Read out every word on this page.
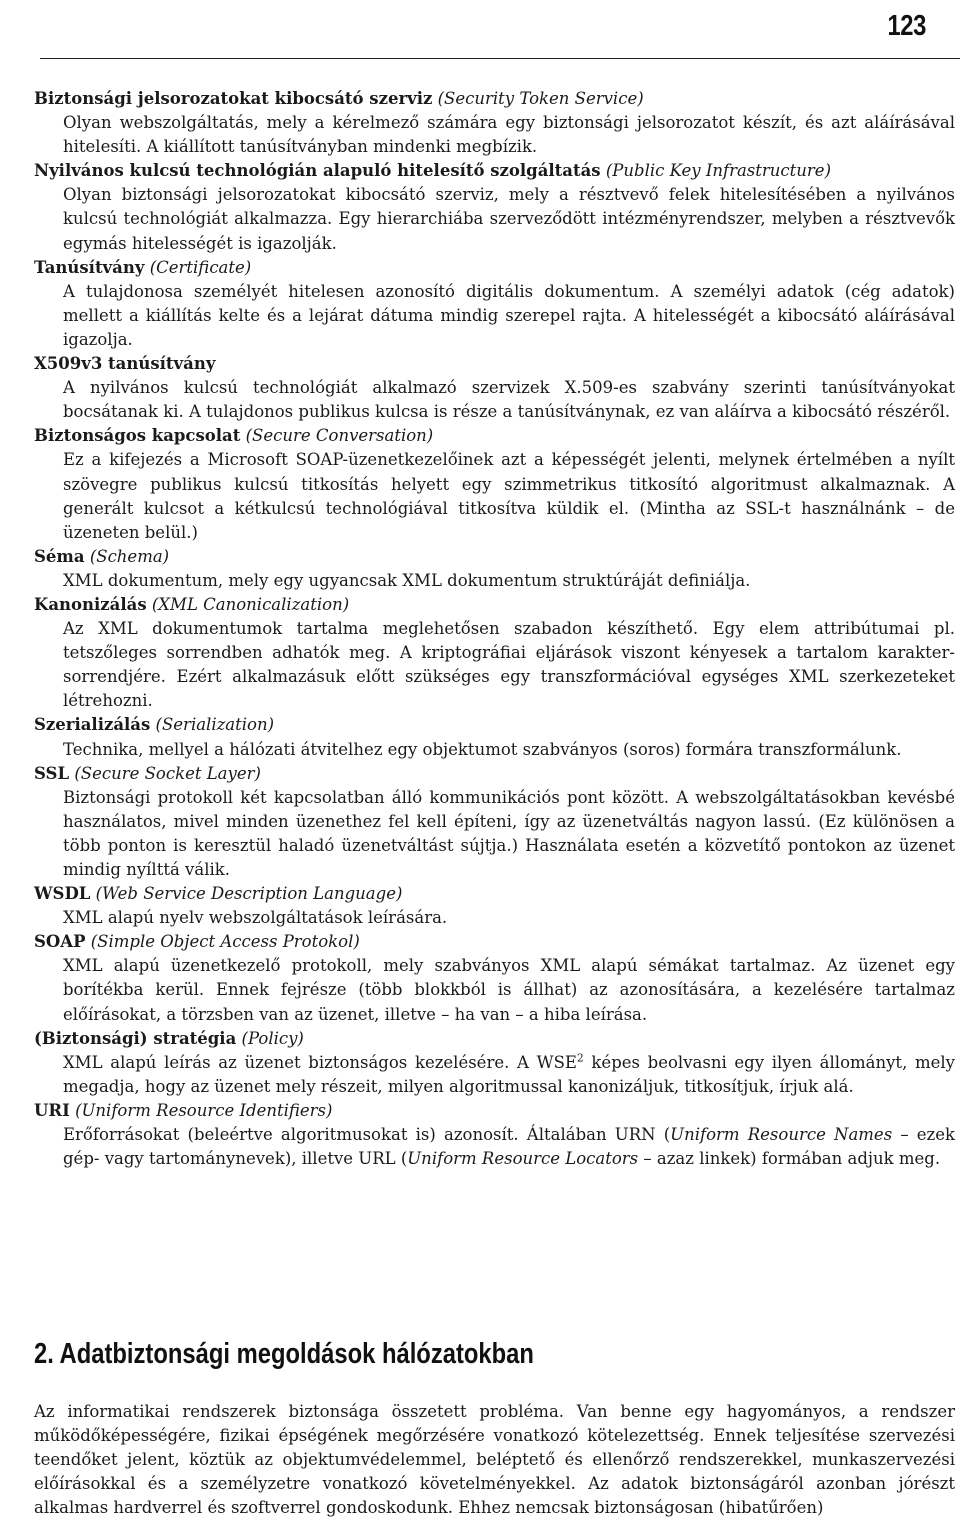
123
Biztonsági jelsorozatokat kibocsátó szerviz (Security Token Service)
Olyan webszolgáltatás, mely a kérelmező számára egy biztonsági jelsorozatot készít, és azt aláírásával hitelesíti. A kiállított tanúsítványban mindenki megbízik.
Nyilvános kulcsú technológián alapuló hitelesítő szolgáltatás (Public Key Infrastructure)
Olyan biztonsági jelsorozatokat kibocsátó szerviz, mely a résztvevő felek hitelesítésében a nyilvános kulcsú technológiát alkalmazza. Egy hierarchiába szerveződött intézményrendszer, melyben a résztvevők egymás hitelességét is igazolják.
Tanúsítvány (Certificate)
A tulajdonosa személyét hitelesen azonosító digitális dokumentum. A személyi adatok (cég adatok) mellett a kiállítás kelte és a lejárat dátuma mindig szerepel rajta. A hitelességét a kibocsátó aláírásával igazolja.
X509v3 tanúsítvány
A nyilvános kulcsú technológiát alkalmazó szervizek X.509-es szabvány szerinti tanúsítványokat bocsátanak ki. A tulajdonos publikus kulcsa is része a tanúsítványnak, ez van aláírva a kibocsátó részéről.
Biztonságos kapcsolat (Secure Conversation)
Ez a kifejezés a Microsoft SOAP-üzenetkezelőinek azt a képességét jelenti, melynek értelmében a nyílt szövegre publikus kulcsú titkosítás helyett egy szimmetrikus titkosító algoritmust alkalmaznak. A generált kulcsot a kétkulcsú technológiával titkosítva küldik el. (Mintha az SSL-t használnánk – de üzeneten belül.)
Séma (Schema)
XML dokumentum, mely egy ugyancsak XML dokumentum struktúráját definiálja.
Kanonizálás (XML Canonicalization)
Az XML dokumentumok tartalma meglehetősen szabadon készíthető. Egy elem attribútumai pl. tetszőleges sorrendben adhatók meg. A kriptográfiai eljárások viszont kényesek a tartalom karakter-sorrendjére. Ezért alkalmazásuk előtt szükséges egy transzformációval egységes XML szerkezeteket létrehozni.
Szerializálás (Serialization)
Technika, mellyel a hálózati átvitelhez egy objektumot szabványos (soros) formára transzformálunk.
SSL (Secure Socket Layer)
Biztonsági protokoll két kapcsolatban álló kommunikációs pont között. A webszolgáltatásokban kevésbé használatos, mivel minden üzenethez fel kell építeni, így az üzenetváltás nagyon lassú. (Ez különösen a több ponton is keresztül haladó üzenetváltást sújtja.) Használata esetén a közvetítő pontokon az üzenet mindig nyílttá válik.
WSDL (Web Service Description Language)
XML alapú nyelv webszolgáltatások leírására.
SOAP (Simple Object Access Protokol)
XML alapú üzenetkezelő protokoll, mely szabványos XML alapú sémákat tartalmaz. Az üzenet egy borítékba kerül. Ennek fejrésze (több blokkból is állhat) az azonosítására, a kezelésére tartalmaz előírásokat, a törzsben van az üzenet, illetve – ha van – a hiba leírása.
(Biztonsági) stratégia (Policy)
XML alapú leírás az üzenet biztonságos kezelésére. A WSE$^2$ képes beolvasni egy ilyen állományt, mely megadja, hogy az üzenet mely részeit, milyen algoritmussal kanonizáljuk, titkosítjuk, írjuk alá.
URI (Uniform Resource Identifiers)
Erőforrásokat (beleértve algoritmusokat is) azonosít. Általában URN (Uniform Resource Names – ezek gép- vagy tartománynevek), illetve URL (Uniform Resource Locators – azaz linkek) formában adjuk meg.
2. Adatbiztonsági megoldások hálózatokban
Az informatikai rendszerek biztonsága összetett probléma. Van benne egy hagyományos, a rendszer működőképességére, fizikai épségének megőrzésére vonatkozó kötelezettség. Ennek teljesítése szervezési teendőket jelent, köztük az objektumvédelemmel, beléptető és ellenőrző rendszerekkel, munkaszervezési előírásokkal és a személyzetre vonatkozó követelményekkel. Az adatok biztonságáról azonban jórészt alkalmas hardverrel és szoftverrel gondoskodunk. Ehhez nemcsak biztonságosan (hibatűrően)
